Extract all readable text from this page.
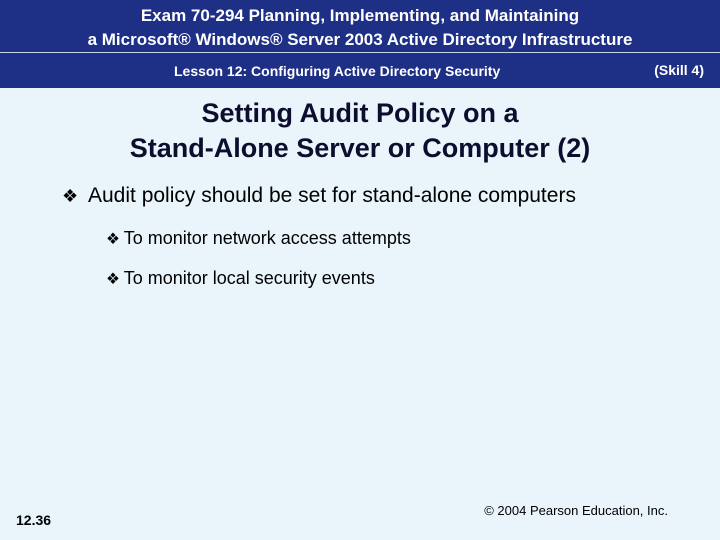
Exam 70-294 Planning, Implementing, and Maintaining
a Microsoft® Windows® Server 2003 Active Directory Infrastructure
Lesson 12: Configuring Active Directory Security	(Skill 4)
Setting Audit Policy on a
Stand-Alone Server or Computer (2)
❖ Audit policy should be set for stand-alone computers
❖ To monitor network access attempts
❖ To monitor local security events
© 2004 Pearson Education, Inc.
12.36
